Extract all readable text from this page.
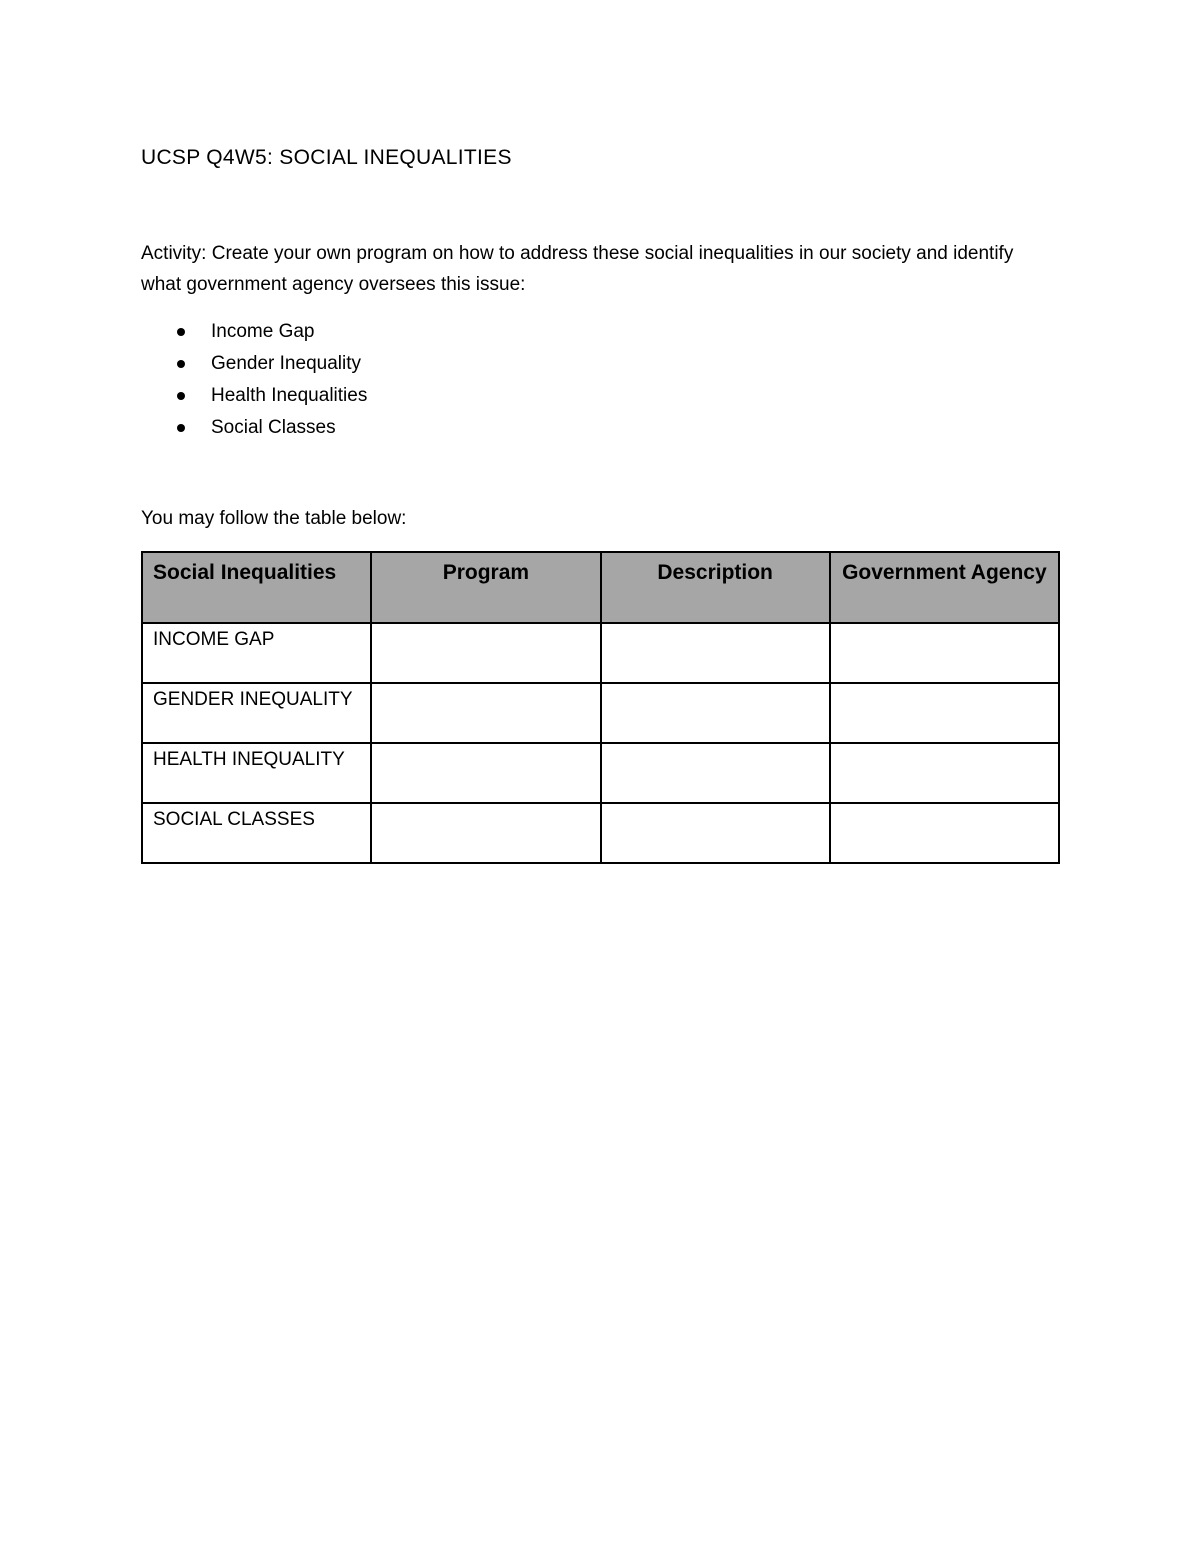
UCSP Q4W5: SOCIAL INEQUALITIES
Activity: Create your own program on how to address these social inequalities in our society and identify what government agency oversees this issue:
Income Gap
Gender Inequality
Health Inequalities
Social Classes
You may follow the table below:
Social Inequalities	Program	Description	Government Agency
INCOME GAP			
GENDER INEQUALITY			
HEALTH INEQUALITY			
SOCIAL CLASSES			
